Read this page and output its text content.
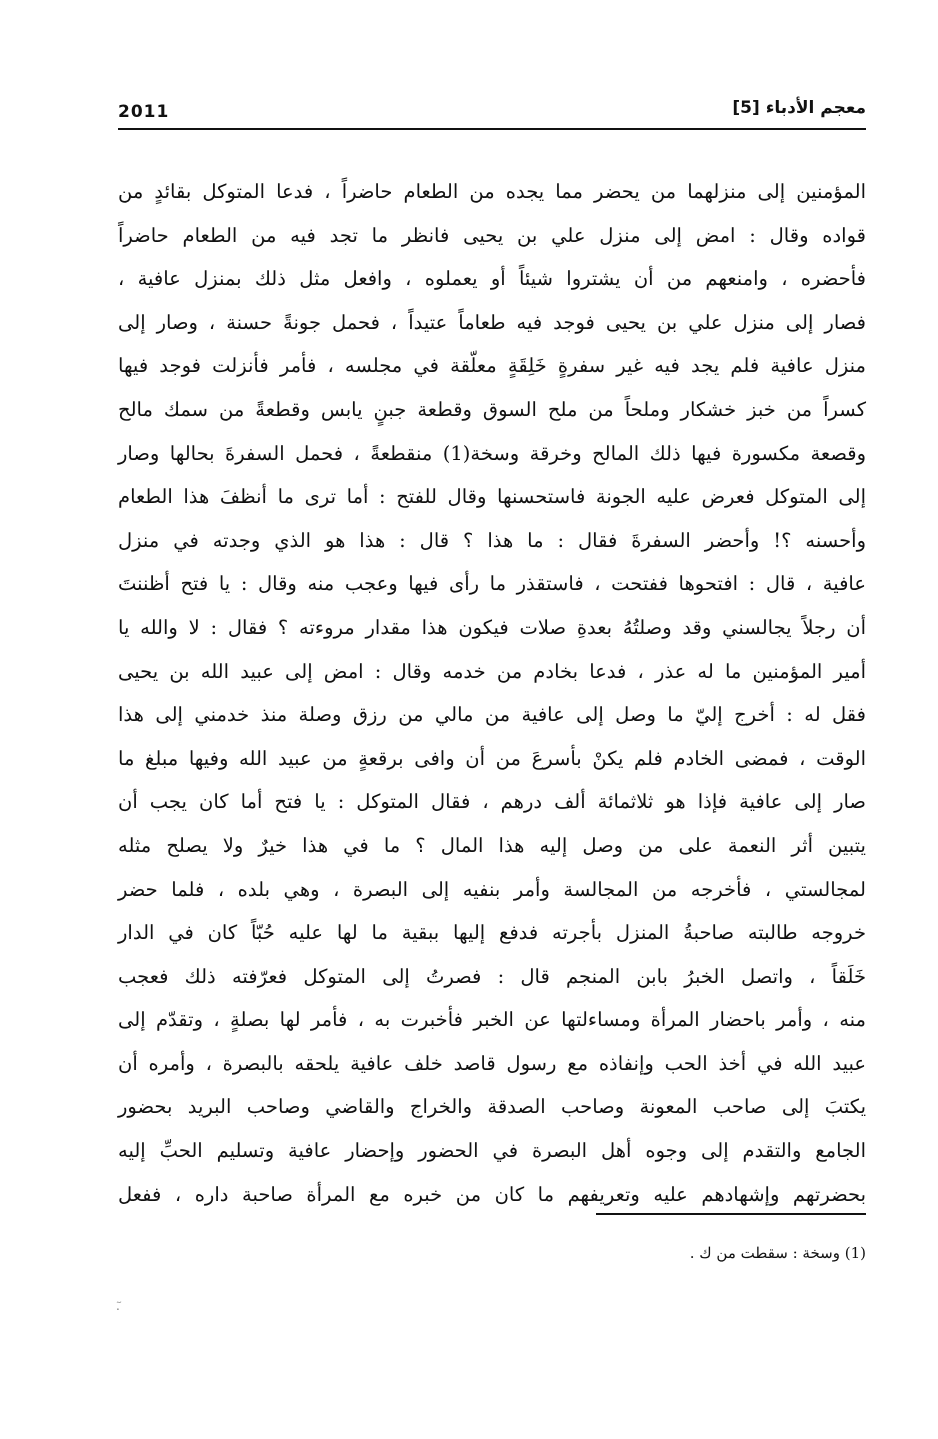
2011	معجم الأدباء [5]
المؤمنين إلى منزلهما من يحضر مما يجده من الطعام حاضراً ، فدعا المتوكل بقائدٍ من
قواده وقال : امض إلى منزل علي بن يحيى فانظر ما تجد فيه من الطعام حاضراً
فأحضره ، وامنعهم من أن يشتروا شيئاً أو يعملوه ، وافعل مثل ذلك بمنزل عافية ،
فصار إلى منزل علي بن يحيى فوجد فيه طعاماً عتيداً ، فحمل جونةً حسنة ، وصار إلى
منزل عافية فلم يجد فيه غير سفرةٍ خَلِقَةٍ معلّقة في مجلسه ، فأمر فأنزلت فوجد فيها
كسراً من خبز خشكار وملحاً من ملح السوق وقطعة جبنٍ يابس وقطعةً من سمك مالح
وقصعة مكسورة فيها ذلك المالح وخرقة وسخة(1) منقطعةً ، فحمل السفرةَ بحالها وصار
إلى المتوكل فعرض عليه الجونة فاستحسنها وقال للفتح : أما ترى ما أنظفَ هذا الطعام
وأحسنه ؟! وأحضر السفرةَ فقال : ما هذا ؟ قال : هذا هو الذي وجدته في منزل
عافية ، قال : افتحوها ففتحت ، فاستقذر ما رأى فيها وعجب منه وقال : يا فتح أظننتَ
أن رجلاً يجالسني وقد وصلتُهُ بعدةِ صلات فيكون هذا مقدار مروءته ؟ فقال : لا والله يا
أمير المؤمنين ما له عذر ، فدعا بخادم من خدمه وقال : امض إلى عبيد الله بن يحيى
فقل له : أخرج إليّ ما وصل إلى عافية من مالي من رزق وصلة منذ خدمني إلى هذا
الوقت ، فمضى الخادم فلم يكنْ بأسرعَ من أن وافى برقعةٍ من عبيد الله وفيها مبلغ ما
صار إلى عافية فإذا هو ثلاثمائة ألف درهم ، فقال المتوكل : يا فتح أما كان يجب أن
يتبين أثر النعمة على من وصل إليه هذا المال ؟ ما في هذا خيرٌ ولا يصلح مثله
لمجالستي ، فأخرجه من المجالسة وأمر بنفيه إلى البصرة ، وهي بلده ، فلما حضر
خروجه طالبته صاحبةُ المنزل بأجرته فدفع إليها ببقية ما لها عليه حُبّاً كان في الدار
خَلَقاً ، واتصل الخبرُ بابن المنجم قال : فصرتُ إلى المتوكل فعرّفته ذلك فعجب
منه ، وأمر باحضار المرأة ومساءلتها عن الخبر فأخبرت به ، فأمر لها بصلةٍ ، وتقدّم إلى
عبيد الله في أخذ الحب وإنفاذه مع رسول قاصد خلف عافية يلحقه بالبصرة ، وأمره أن
يكتبَ إلى صاحب المعونة وصاحب الصدقة والخراج والقاضي وصاحب البريد بحضور
الجامع والتقدم إلى وجوه أهل البصرة في الحضور وإحضار عافية وتسليم الحبِّ إليه
بحضرتهم وإشهادهم عليه وتعريفهم ما كان من خبره مع المرأة صاحبة داره ، ففعل
(1) وسخة : سقطت من ك .
ٓ.
